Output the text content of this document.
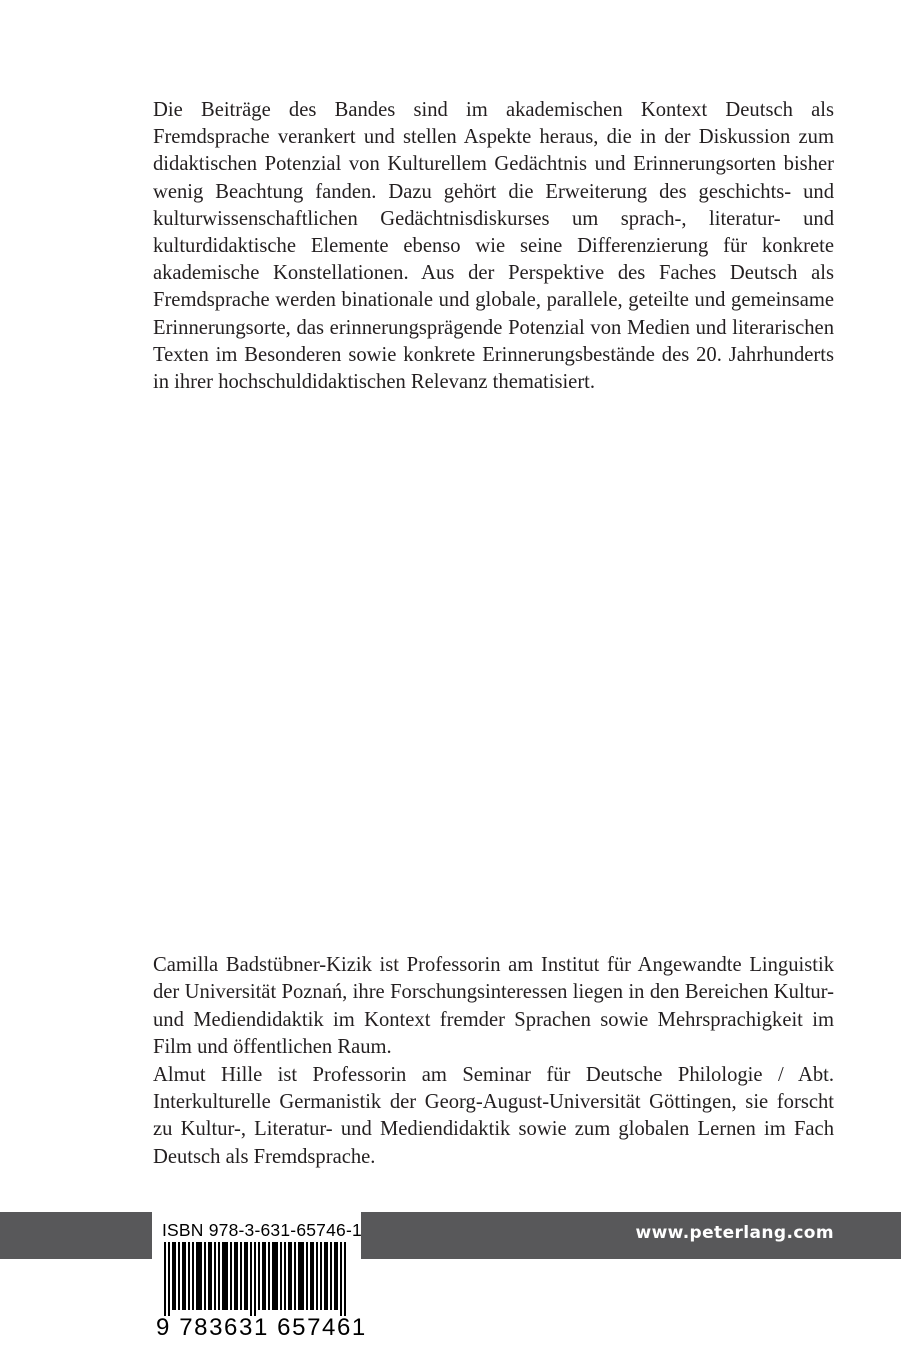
Die Beiträge des Bandes sind im akademischen Kontext Deutsch als Fremdsprache verankert und stellen Aspekte heraus, die in der Diskussion zum didaktischen Potenzial von Kulturellem Gedächtnis und Erinnerungsorten bisher wenig Beachtung fanden. Dazu gehört die Erweiterung des geschichts- und kulturwissenschaftlichen Gedächtnisdiskurses um sprach-, literatur- und kulturdidaktische Elemente ebenso wie seine Differenzierung für konkrete akademische Konstellationen. Aus der Perspektive des Faches Deutsch als Fremdsprache werden binationale und globale, parallele, geteilte und gemeinsame Erinnerungsorte, das erinnerungsprägende Potenzial von Medien und literarischen Texten im Besonderen sowie konkrete Erinnerungsbestände des 20. Jahrhunderts in ihrer hochschuldidaktischen Relevanz thematisiert.

Camilla Badstübner-Kizik ist Professorin am Institut für Angewandte Linguistik der Universität Poznań, ihre Forschungsinteressen liegen in den Bereichen Kultur- und Mediendidaktik im Kontext fremder Sprachen sowie Mehrsprachigkeit im Film und öffentlichen Raum.

Almut Hille ist Professorin am Seminar für Deutsche Philologie / Abt. Interkulturelle Germanistik der Georg-August-Universität Göttingen, sie forscht zu Kultur-, Literatur- und Mediendidaktik sowie zum globalen Lernen im Fach Deutsch als Fremdsprache.

www.peterlang.com
ISBN 978-3-631-65746-1
9 783631 657461
